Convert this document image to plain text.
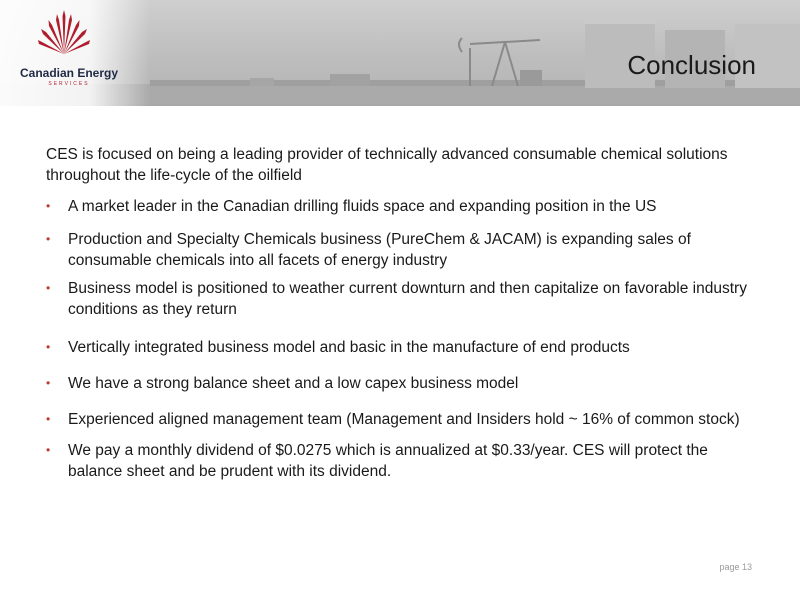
Canadian Energy
SERVICES
Conclusion

CES is focused on being a leading provider of technically advanced consumable chemical solutions throughout the life-cycle of the oilfield

• A market leader in the Canadian drilling fluids space and expanding position in the US
• Production and Specialty Chemicals business (PureChem & JACAM) is expanding sales of consumable chemicals into all facets of energy industry
• Business model is positioned to weather current downturn and then capitalize on favorable industry conditions as they return
• Vertically integrated business model and basic in the manufacture of end products
• We have a strong balance sheet and a low capex business model
• Experienced aligned management team (Management and Insiders hold ~ 16% of common stock)
• We pay a monthly dividend of $0.0275 which is annualized at $0.33/year. CES will protect the balance sheet and be prudent with its dividend.
page 13
